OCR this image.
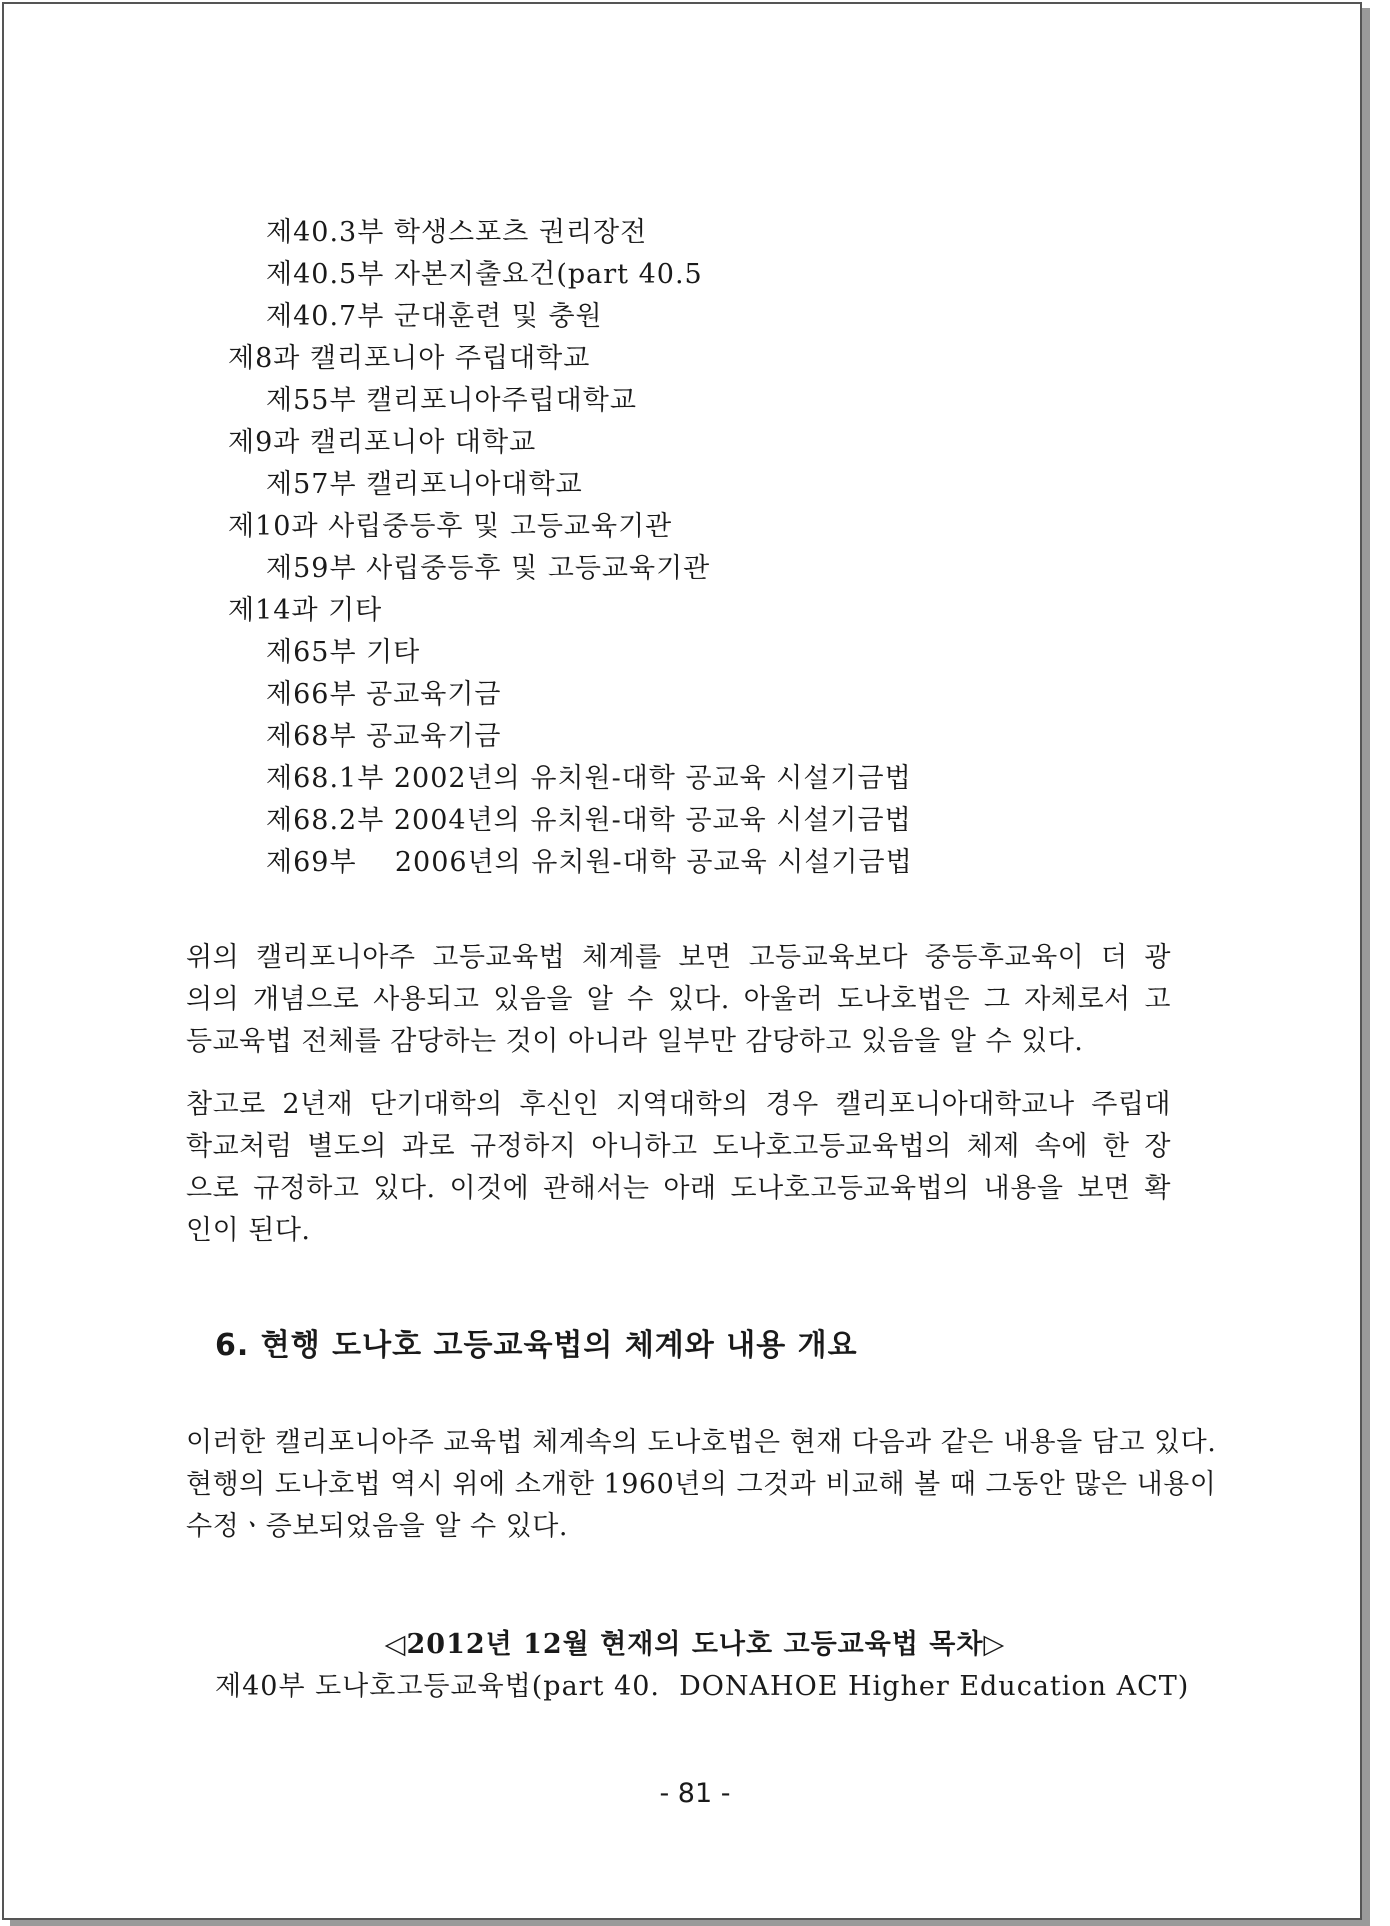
제40.3부 학생스포츠 권리장전
제40.5부 자본지출요건(part 40.5
제40.7부 군대훈련 및 충원
제8과 캘리포니아 주립대학교
제55부 캘리포니아주립대학교
제9과 캘리포니아 대학교
제57부 캘리포니아대학교
제10과 사립중등후 및 고등교육기관
제59부 사립중등후 및 고등교육기관
제14과 기타
제65부 기타
제66부 공교육기금
제68부 공교육기금
제68.1부 2002년의 유치원-대학 공교육 시설기금법
제68.2부 2004년의 유치원-대학 공교육 시설기금법
제69부    2006년의 유치원-대학 공교육 시설기금법
위의 캘리포니아주 고등교육법 체계를 보면 고등교육보다 중등후교육이 더 광
의의 개념으로 사용되고 있음을 알 수 있다. 아울러 도나호법은 그 자체로서 고
등교육법 전체를 감당하는 것이 아니라 일부만 감당하고 있음을 알 수 있다.
참고로 2년재 단기대학의 후신인 지역대학의 경우 캘리포니아대학교나 주립대
학교처럼 별도의 과로 규정하지 아니하고 도나호고등교육법의 체제 속에 한 장
으로 규정하고 있다. 이것에 관해서는 아래 도나호고등교육법의 내용을 보면 확
인이 된다.
6. 현행 도나호 고등교육법의 체계와 내용 개요
이러한 캘리포니아주 교육법 체계속의 도나호법은 현재 다음과 같은 내용을 담고 있다.
현행의 도나호법 역시 위에 소개한 1960년의 그것과 비교해 볼 때 그동안 많은 내용이
수정ㆍ증보되었음을 알 수 있다.
◁2012년 12월 현재의 도나호 고등교육법 목차▷
제40부 도나호고등교육법(part 40.  DONAHOE Higher Education ACT)
- 81 -
